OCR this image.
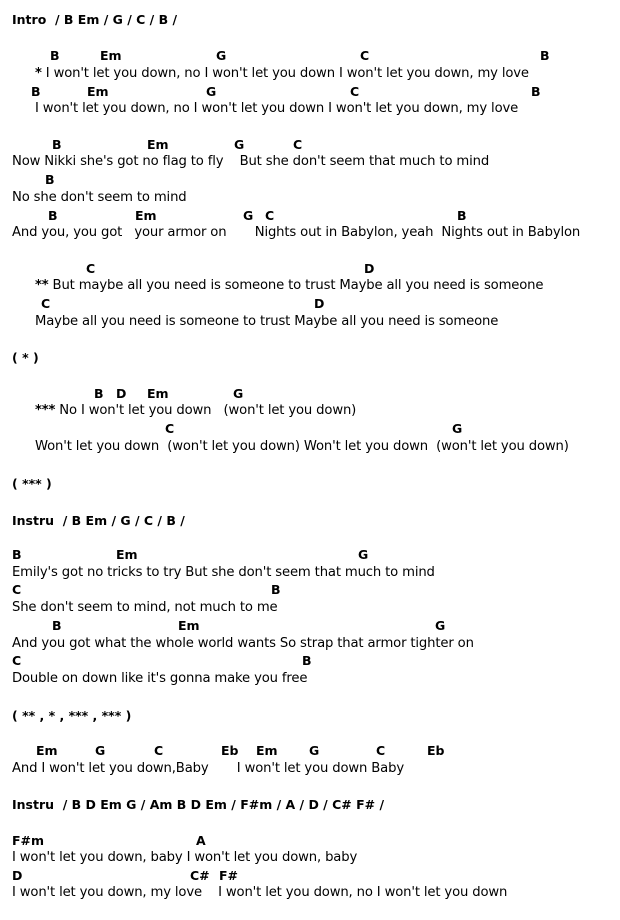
Intro  / B Em / G / C / B /
B	Em	G	C	B
* I won't let you down, no I won't let you down I won't let you down, my love
B	Em	G	C	B
I won't let you down, no I won't let you down I won't let you down, my love
B	Em	G	C
Now Nikki she's got no flag to fly    But she don't seem that much to mind
B
No she don't seem to mind
B	Em	G C	B
And you, you got   your armor on       Nights out in Babylon, yeah  Nights out in Babylon
C	D
** But maybe all you need is someone to trust Maybe all you need is someone
C	D
Maybe all you need is someone to trust Maybe all you need is someone
( * )
B D Em	G
*** No I won't let you down   (won't let you down)
C	G
Won't let you down  (won't let you down) Won't let you down  (won't let you down)
( *** )
Instru  / B Em / G / C / B /
B	Em	G
Emily's got no tricks to try But she don't seem that much to mind
C	B
She don't seem to mind, not much to me
B	Em	G
And you got what the whole world wants So strap that armor tighter on
C	B
Double on down like it's gonna make you free
( ** , * , *** , *** )
Em	G	C	Eb Em	G	C	Eb
And I won't let you down,Baby       I won't let you down Baby
Instru  / B D Em G / Am B D Em / F#m / A / D / C# F# /
F#m	A
I won't let you down, baby I won't let you down, baby
D	C# F#
I won't let you down, my love    I won't let you down, no I won't let you down
